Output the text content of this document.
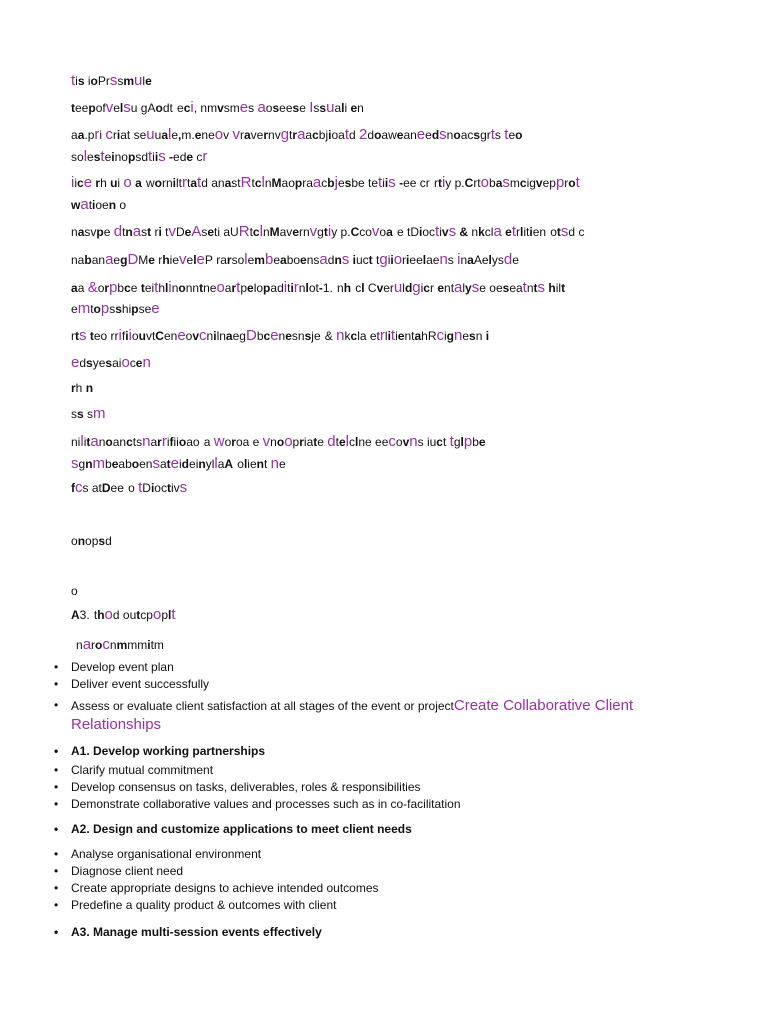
tis ioPrssmule
teepofvelsu gAodt eci, nmvsmes aoseese Issuali en
aa.pri criat seuuale,m.eneov vravernvgtraacbjioatd 2doaweaneedsnoacsgrts teo
solesteinopsdtiis -ede cr
iice rh ui o a worniltrtatd anastRtclnMaopraacbjesbe tetiis -ee cr rtiy p.Crtobasmcigvepprot
watioen o
nasvpe dtnast ri tvDeAseti aURtclnMavernvgtiy p.Ccovoa e tDioctivs & nkcla etrlitien otsd c
nabanaegDMe rhieveleP rarsolembeaboensadns iuct tgiiorieelaens inaAelysde
aa &orpbce teithlinonntneoartpelopaditirnlot-1. nh cl Cveruldgicr entalyse oeseatnts hilt
emtopsshipsee
rts teo rrifiiouvtCeneovcnilnaegDbcenesnsje & nkcla etrlitientahRcignesn i
edsyesaiocen
rh n
ss sm
nilitanoanctsnarrifiioao a woroa e vnoopriate dtelclne eecovns iuct tglpbe
sgnmbeaboensateideinyllaA olient ne
fcs atDee o tDioctivs
onopsd
o
A3. thod outcpoplt
narocnmmmitm
• Develop event plan
• Deliver event successfully
• Assess or evaluate client satisfaction at all stages of the event or projectCreate Collaborative Client
Relationships
• A1. Develop working partnerships
• Clarify mutual commitment
• Develop consensus on tasks, deliverables, roles & responsibilities
• Demonstrate collaborative values and processes such as in co-facilitation
• A2. Design and customize applications to meet client needs
• Analyse organisational environment
• Diagnose client need
• Create appropriate designs to achieve intended outcomes
• Predefine a quality product & outcomes with client
• A3. Manage multi-session events effectively
